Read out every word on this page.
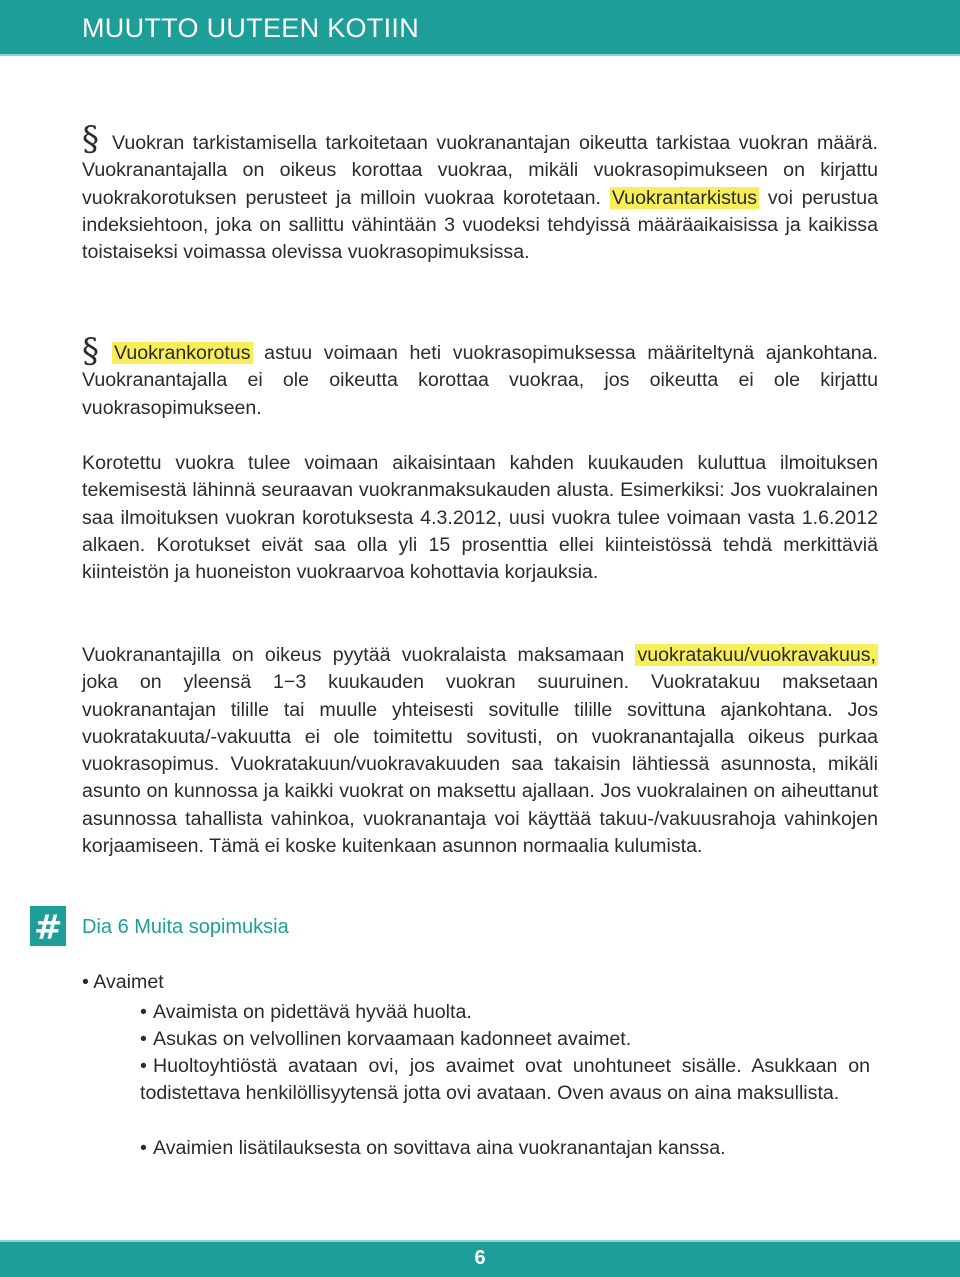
MUUTTO UUTEEN KOTIIN
§ Vuokran tarkistamisella tarkoitetaan vuokranantajan oikeutta tarkistaa vuokran määrä. Vuokranantajalla on oikeus korottaa vuokraa, mikäli vuokrasopimukseen on kirjattu vuokrakorotuksen perusteet ja milloin vuokraa korotetaan. Vuokrantarkistus voi perustua indeksiehtoon, joka on sallittu vähintään 3 vuodeksi tehdyissä määräaikaisissa ja kaikissa toistaiseksi voimassa olevissa vuokrasopimuksissa.

§ Vuokrankorotus astuu voimaan heti vuokrasopimuksessa määriteltynä ajankohtana. Vuokranantajalla ei ole oikeutta korottaa vuokraa, jos oikeutta ei ole kirjattu vuokrasopimukseen.

Korotettu vuokra tulee voimaan aikaisintaan kahden kuukauden kuluttua ilmoituksen tekemisestä lähinnä seuraavan vuokranmaksukauden alusta. Esimerkiksi: Jos vuokralainen saa ilmoituksen vuokran korotuksesta 4.3.2012, uusi vuokra tulee voimaan vasta 1.6.2012 alkaen. Korotukset eivät saa olla yli 15 prosenttia ellei kiinteistössä tehdä merkittäviä kiinteistön ja huoneiston vuokraarvoa kohottavia korjauksia.

Vuokranantajilla on oikeus pyytää vuokralaista maksamaan vuokratakuu/vuokravakuus, joka on yleensä 1−3 kuukauden vuokran suuruinen. Vuokratakuu maksetaan vuokranantajan tilille tai muulle yhteisesti sovitulle tilille sovittuna ajankohtana. Jos vuokratakuuta/-vakuutta ei ole toimitettu sovitusti, on vuokranantajalla oikeus purkaa vuokrasopimus. Vuokratakuun/vuokravakuuden saa takaisin lähtiessä asunnosta, mikäli asunto on kunnossa ja kaikki vuokrat on maksettu ajallaan. Jos vuokralainen on aiheuttanut asunnossa tahallista vahinkoa, vuokranantaja voi käyttää takuu-/vakuusrahoja vahinkojen korjaamiseen. Tämä ei koske kuitenkaan asunnon normaalia kulumista.

# Dia 6 Muita sopimuksia
• Avaimet
• Avaimista on pidettävä hyvää huolta.
• Asukas on velvollinen korvaamaan kadonneet avaimet.
• Huoltoyhtiöstä avataan ovi, jos avaimet ovat unohtuneet sisälle. Asukkaan on todistettava henkilöllisyytensä jotta ovi avataan. Oven avaus on aina maksullista.
• Avaimien lisätilauksesta on sovittava aina vuokranantajan kanssa.
6
